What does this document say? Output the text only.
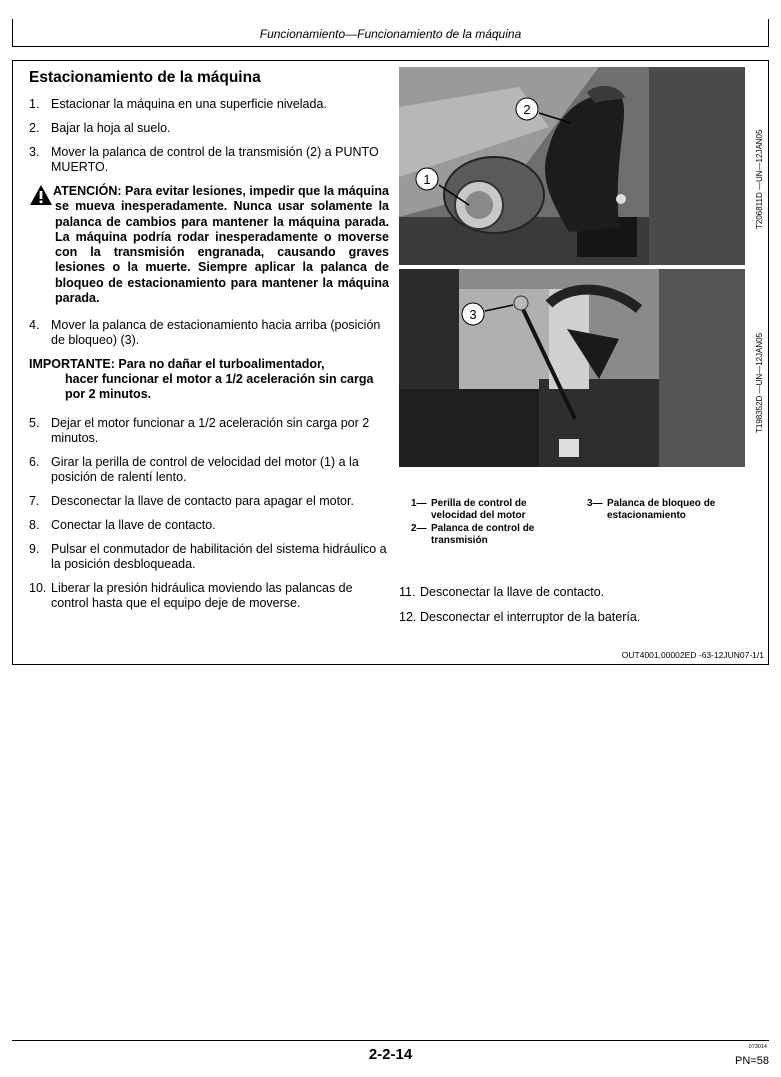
Funcionamiento—Funcionamiento de la máquina
Estacionamiento de la máquina
1. Estacionar la máquina en una superficie nivelada.
2. Bajar la hoja al suelo.
3. Mover la palanca de control de la transmisión (2) a PUNTO MUERTO.
ATENCIÓN: Para evitar lesiones, impedir que la máquina se mueva inesperadamente. Nunca usar solamente la palanca de cambios para mantener la máquina parada. La máquina podría rodar inesperadamente o moverse con la transmisión engranada, causando graves lesiones o la muerte. Siempre aplicar la palanca de bloqueo de estacionamiento para mantener la máquina parada.
4. Mover la palanca de estacionamiento hacia arriba (posición de bloqueo) (3).
IMPORTANTE: Para no dañar el turboalimentador,
hacer funcionar el motor a 1/2 aceleración sin carga por 2 minutos.
5. Dejar el motor funcionar a 1/2 aceleración sin carga por 2 minutos.
6. Girar la perilla de control de velocidad del motor (1) a la posición de ralentí lento.
7. Desconectar la llave de contacto para apagar el motor.
8. Conectar la llave de contacto.
9. Pulsar el conmutador de habilitación del sistema hidráulico a la posición desbloqueada.
10. Liberar la presión hidráulica moviendo las palancas de control hasta que el equipo deje de moverse.
2
1	T206811D —UN—12JAN05
3
T198352D —UN—12JAN05
1— Perilla de control de velocidad del motor
2— Palanca de control de transmisión
3— Palanca de bloqueo de estacionamiento
11. Desconectar la llave de contacto.
12. Desconectar el interruptor de la batería.
OUT4001,00002ED -63-12JUN07-1/1
2-2-14	073014
PN=58
